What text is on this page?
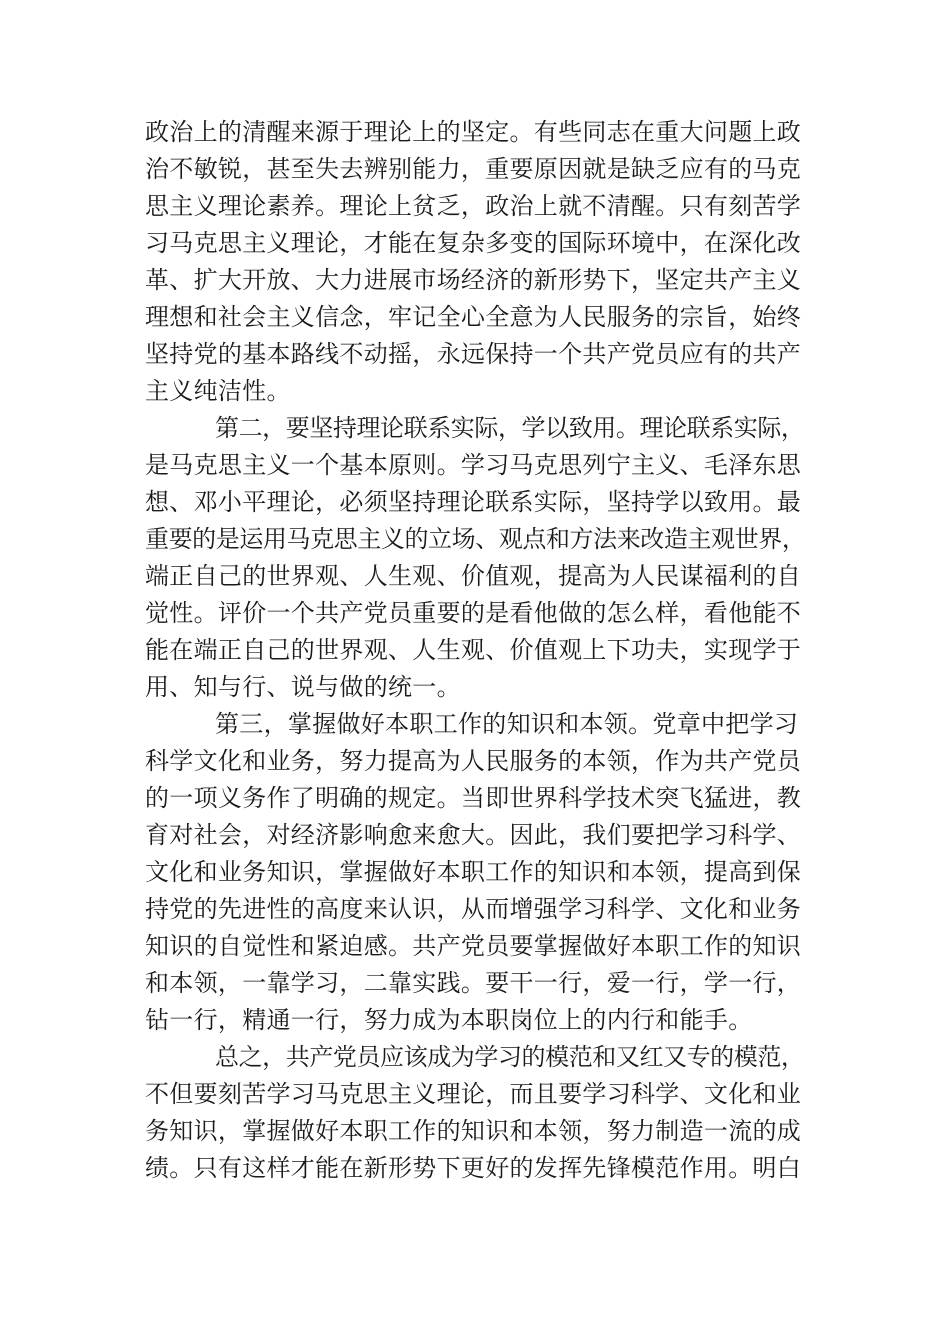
政治上的清醒来源于理论上的坚定。有些同志在重大问题上政
治不敏锐，甚至失去辨别能力，重要原因就是缺乏应有的马克
思主义理论素养。理论上贫乏，政治上就不清醒。只有刻苦学
习马克思主义理论，才能在复杂多变的国际环境中，在深化改
革、扩大开放、大力进展市场经济的新形势下，坚定共产主义
理想和社会主义信念，牢记全心全意为人民服务的宗旨，始终
坚持党的基本路线不动摇，永远保持一个共产党员应有的共产
主义纯洁性。
第二，要坚持理论联系实际，学以致用。理论联系实际，
是马克思主义一个基本原则。学习马克思列宁主义、毛泽东思
想、邓小平理论，必须坚持理论联系实际，坚持学以致用。最
重要的是运用马克思主义的立场、观点和方法来改造主观世界，
端正自己的世界观、人生观、价值观，提高为人民谋福利的自
觉性。评价一个共产党员重要的是看他做的怎么样，看他能不
能在端正自己的世界观、人生观、价值观上下功夫，实现学于
用、知与行、说与做的统一。
第三，掌握做好本职工作的知识和本领。党章中把学习
科学文化和业务，努力提高为人民服务的本领，作为共产党员
的一项义务作了明确的规定。当即世界科学技术突飞猛进，教
育对社会，对经济影响愈来愈大。因此，我们要把学习科学、
文化和业务知识，掌握做好本职工作的知识和本领，提高到保
持党的先进性的高度来认识，从而增强学习科学、文化和业务
知识的自觉性和紧迫感。共产党员要掌握做好本职工作的知识
和本领，一靠学习，二靠实践。要干一行，爱一行，学一行，
钻一行，精通一行，努力成为本职岗位上的内行和能手。
总之，共产党员应该成为学习的模范和又红又专的模范，
不但要刻苦学习马克思主义理论，而且要学习科学、文化和业
务知识，掌握做好本职工作的知识和本领，努力制造一流的成
绩。只有这样才能在新形势下更好的发挥先锋模范作用。明白
